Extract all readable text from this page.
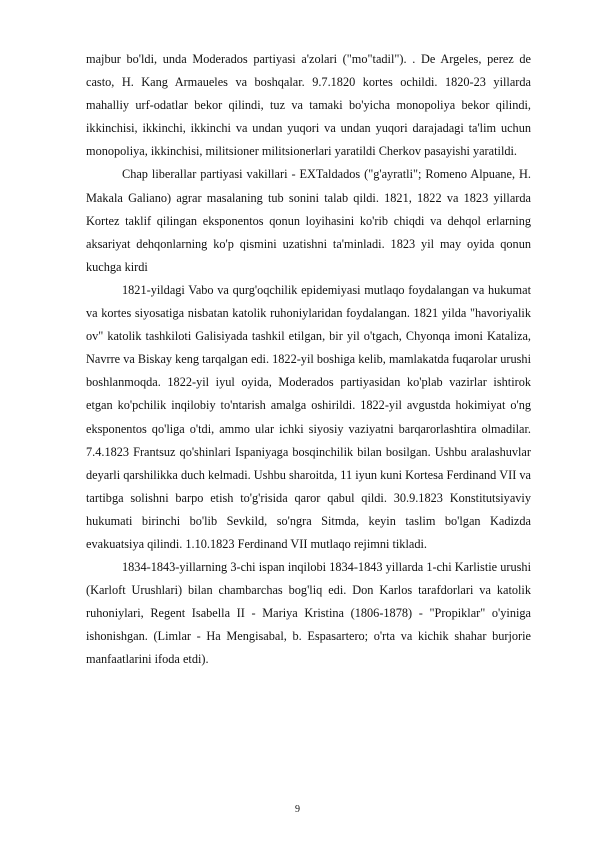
majbur bo'ldi, unda Moderados partiyasi a'zolari ("mo"tadil"). . De Argeles, perez de casto, H. Kang Armaueles va boshqalar. 9.7.1820 kortes ochildi. 1820-23 yillarda mahalliy urf-odatlar bekor qilindi, tuz va tamaki bo'yicha monopoliya bekor qilindi, ikkinchisi, ikkinchi, ikkinchi va undan yuqori va undan yuqori darajadagi ta'lim uchun monopoliya, ikkinchisi, militsioner militsionerlari yaratildi Cherkov pasayishi yaratildi.

Chap liberallar partiyasi vakillari - EXTaldados ("g'ayratli"; Romeno Alpuane, H. Makala Galiano) agrar masalaning tub sonini talab qildi. 1821, 1822 va 1823 yillarda Kortez taklif qilingan eksponentos qonun loyihasini ko'rib chiqdi va dehqol erlarning aksariyat dehqonlarning ko'p qismini uzatishni ta'minladi. 1823 yil may oyida qonun kuchga kirdi

1821-yildagi Vabo va qurg'oqchilik epidemiyasi mutlaqo foydalangan va hukumat va kortes siyosatiga nisbatan katolik ruhoniylaridan foydalangan. 1821 yilda "havoriyalik ov" katolik tashkiloti Galisiyada tashkil etilgan, bir yil o'tgach, Chyonqa imoni Kataliza, Navrre va Biskay keng tarqalgan edi. 1822-yil boshiga kelib, mamlakatda fuqarolar urushi boshlanmoqda. 1822-yil iyul oyida, Moderados partiyasidan ko'plab vazirlar ishtirok etgan ko'pchilik inqilobiy to'ntarish amalga oshirildi. 1822-yil avgustda hokimiyat o'ng eksponentos qo'liga o'tdi, ammo ular ichki siyosiy vaziyatni barqarorlashtira olmadilar. 7.4.1823 Frantsuz qo'shinlari Ispaniyaga bosqinchilik bilan bosilgan. Ushbu aralashuvlar deyarli qarshilikka duch kelmadi. Ushbu sharoitda, 11 iyun kuni Kortesa Ferdinand VII va tartibga solishni barpo etish to'g'risida qaror qabul qildi. 30.9.1823 Konstitutsiyaviy hukumati birinchi bo'lib Sevkild, so'ngra Sitmda, keyin taslim bo'lgan Kadizda evakuatsiya qilindi. 1.10.1823 Ferdinand VII mutlaqo rejimni tikladi.

1834-1843-yillarning 3-chi ispan inqilobi 1834-1843 yillarda 1-chi Karlistie urushi (Karloft Urushlari) bilan chambarchas bog'liq edi. Don Karlos tarafdorlari va katolik ruhoniylari, Regent Isabella II - Mariya Kristina (1806-1878) - "Propiklar" o'yiniga ishonishgan. (Limlar - Ha Mengisabal, b. Espasartero; o'rta va kichik shahar burjorie manfaatlarini ifoda etdi).

9
